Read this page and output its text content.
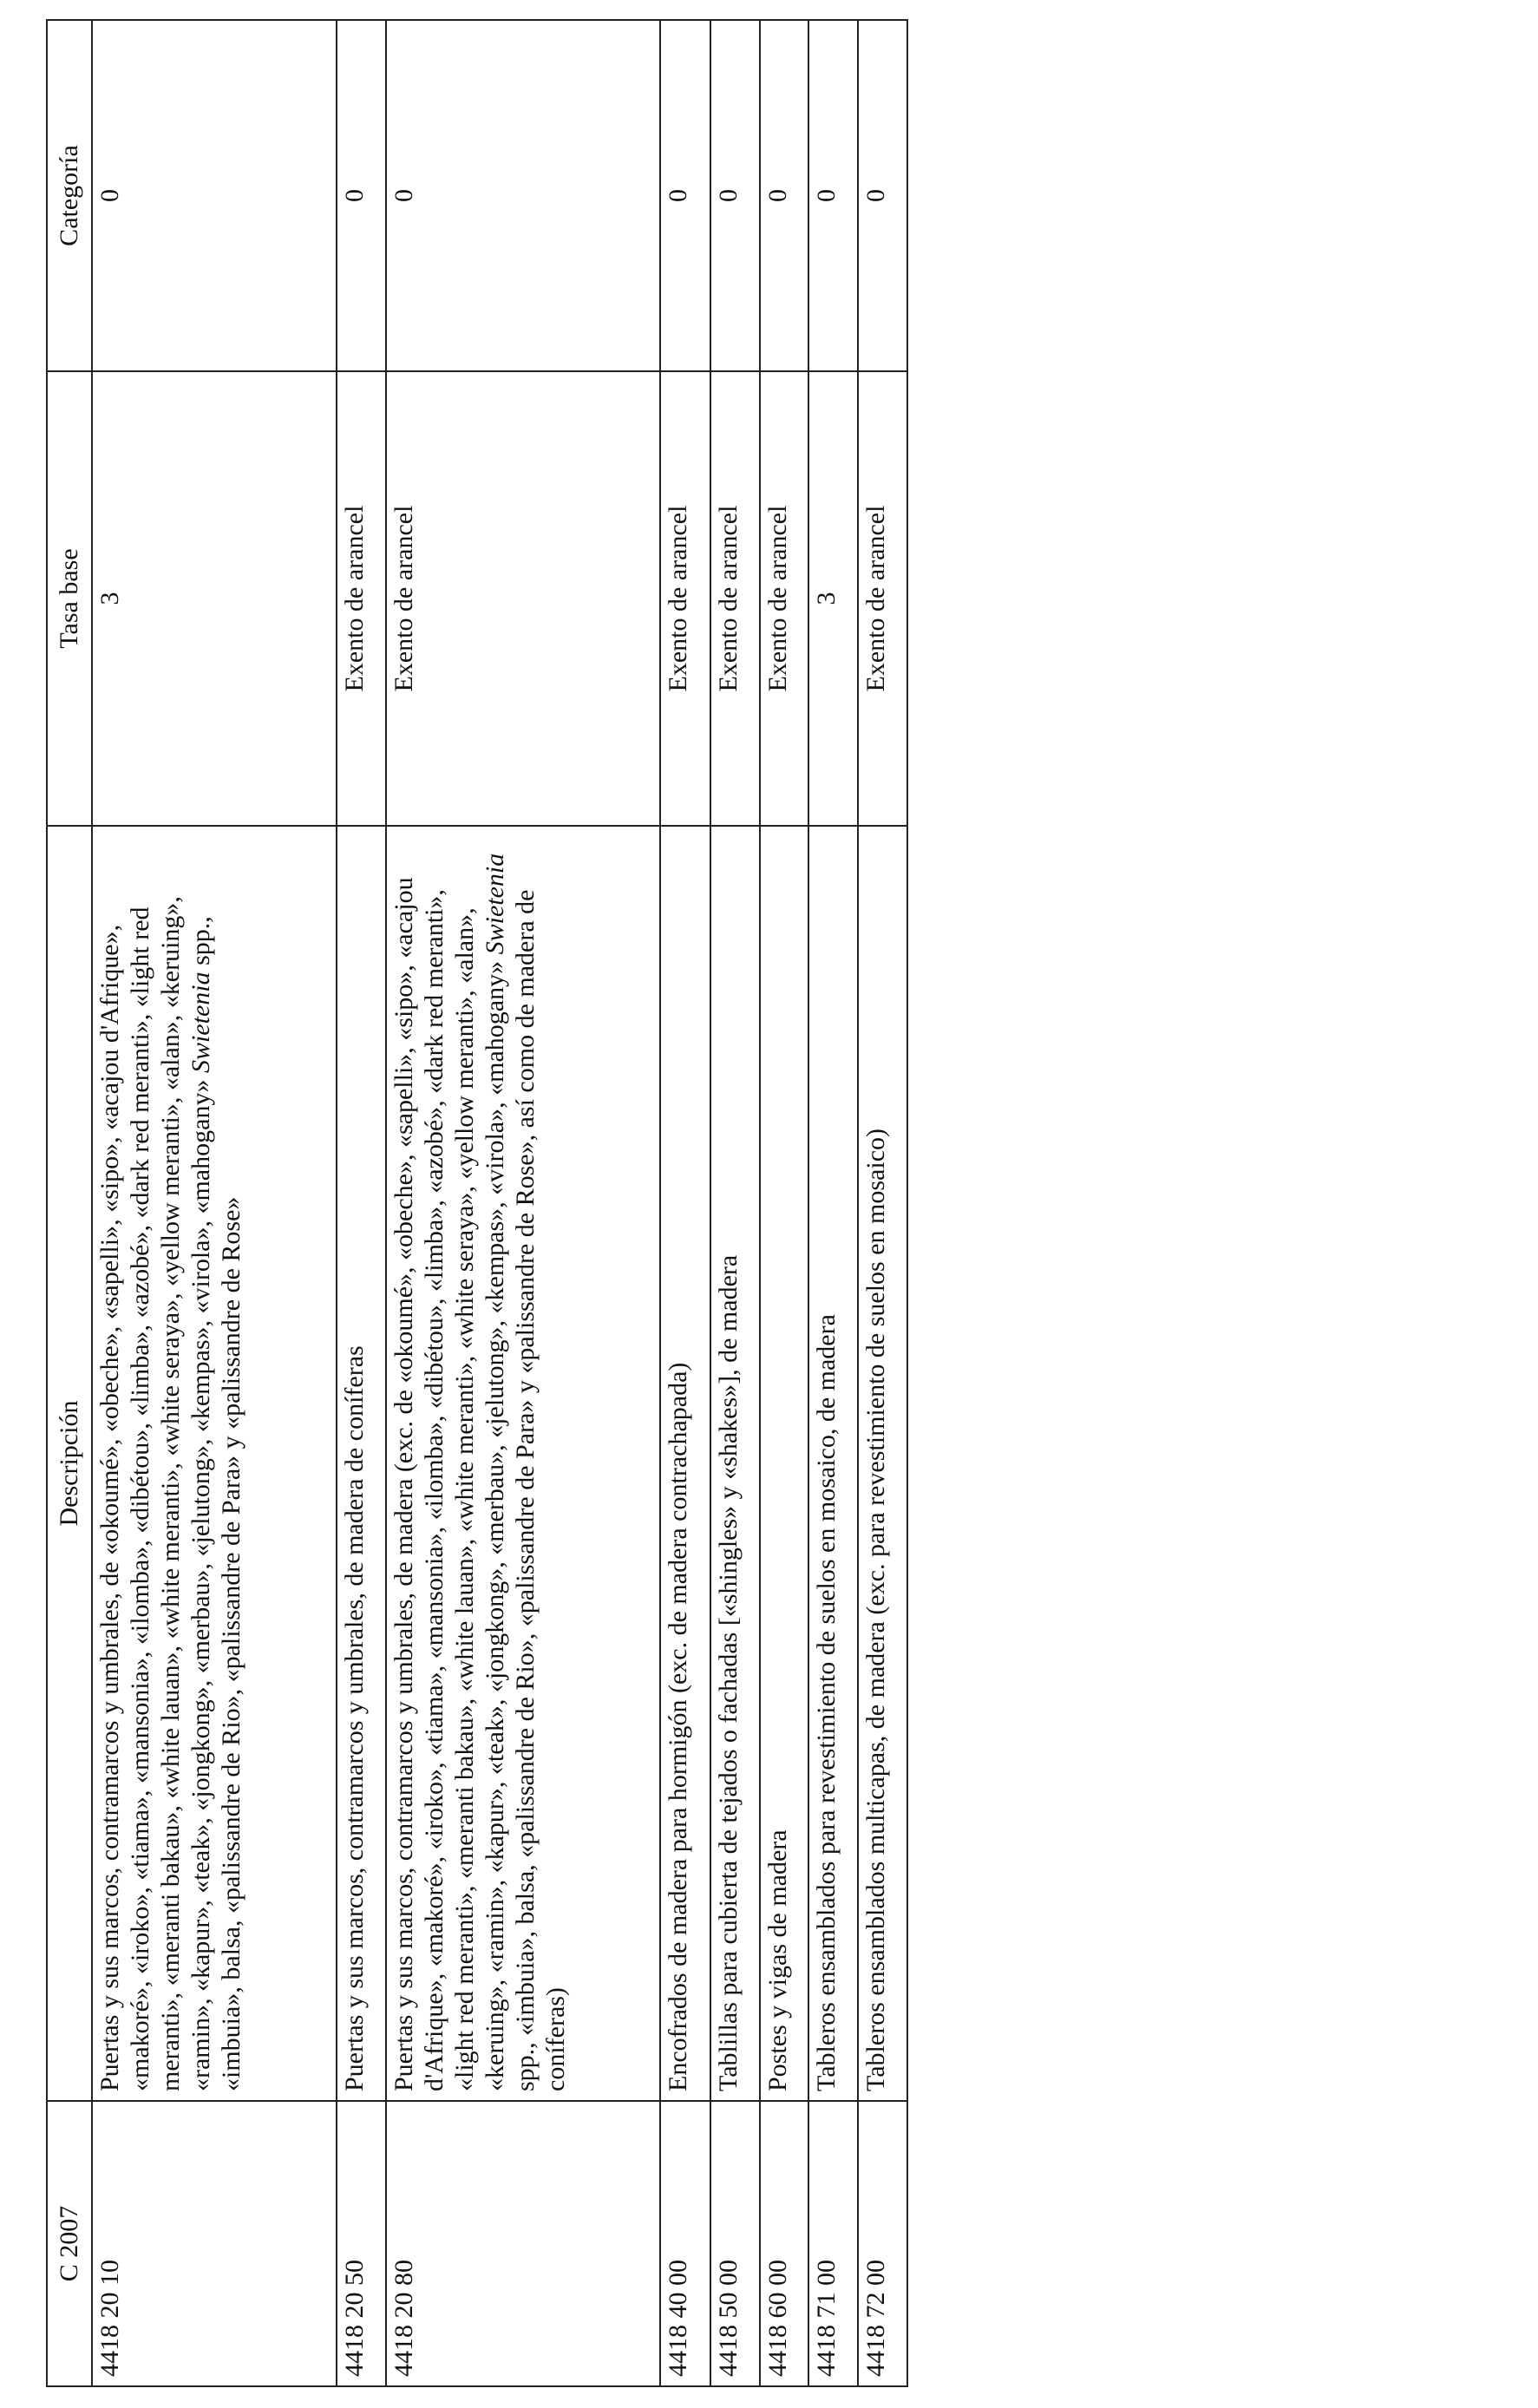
C 2007	Descripción	Tasa base	Categoría
4418 20 10	Puertas y sus marcos, contramarcos y umbrales, de «okoumé», «obeche», «sapelli», «sipo», «acajou d'Afrique», «makoré», «iroko», «tiama», «mansonia», «ilomba», «dibétou», «limba», «azobé», «dark red meranti», «light red meranti», «meranti bakau», «white lauan», «white meranti», «white seraya», «yellow meranti», «alan», «keruing», «ramin», «kapur», «teak», «jongkong», «merbau», «jelutong», «kempas», «virola», «mahogany» Swietenia spp., «imbuia», balsa, «palissandre de Rio», «palissandre de Para» y «palissandre de Rose»	3	0
4418 20 50	Puertas y sus marcos, contramarcos y umbrales, de madera de coníferas	Exento de arancel	0
4418 20 80	Puertas y sus marcos, contramarcos y umbrales, de madera (exc. de «okoumé», «obeche», «sapelli», «sipo», «acajou d'Afrique», «makoré», «iroko», «tiama», «mansonia», «ilomba», «dibétou», «limba», «azobé», «dark red meranti», «light red meranti», «meranti bakau», «white lauan», «white meranti», «white seraya», «yellow meranti», «alan», «keruing», «ramin», «kapur», «teak», «jongkong», «merbau», «jelutong», «kempas», «virola», «mahogany» Swietenia spp., «imbuia», balsa, «palissandre de Rio», «palissandre de Para» y «palissandre de Rose», así como de madera de coníferas)	Exento de arancel	0
4418 40 00	Encofrados de madera para hormigón (exc. de madera contrachapada)	Exento de arancel	0
4418 50 00	Tablillas para cubierta de tejados o fachadas [«shingles» y «shakes»], de madera	Exento de arancel	0
4418 60 00	Postes y vigas de madera	Exento de arancel	0
4418 71 00	Tableros ensamblados para revestimiento de suelos en mosaico, de madera	3	0
4418 72 00	Tableros ensamblados multicapas, de madera (exc. para revestimiento de suelos en mosaico)	Exento de arancel	0
